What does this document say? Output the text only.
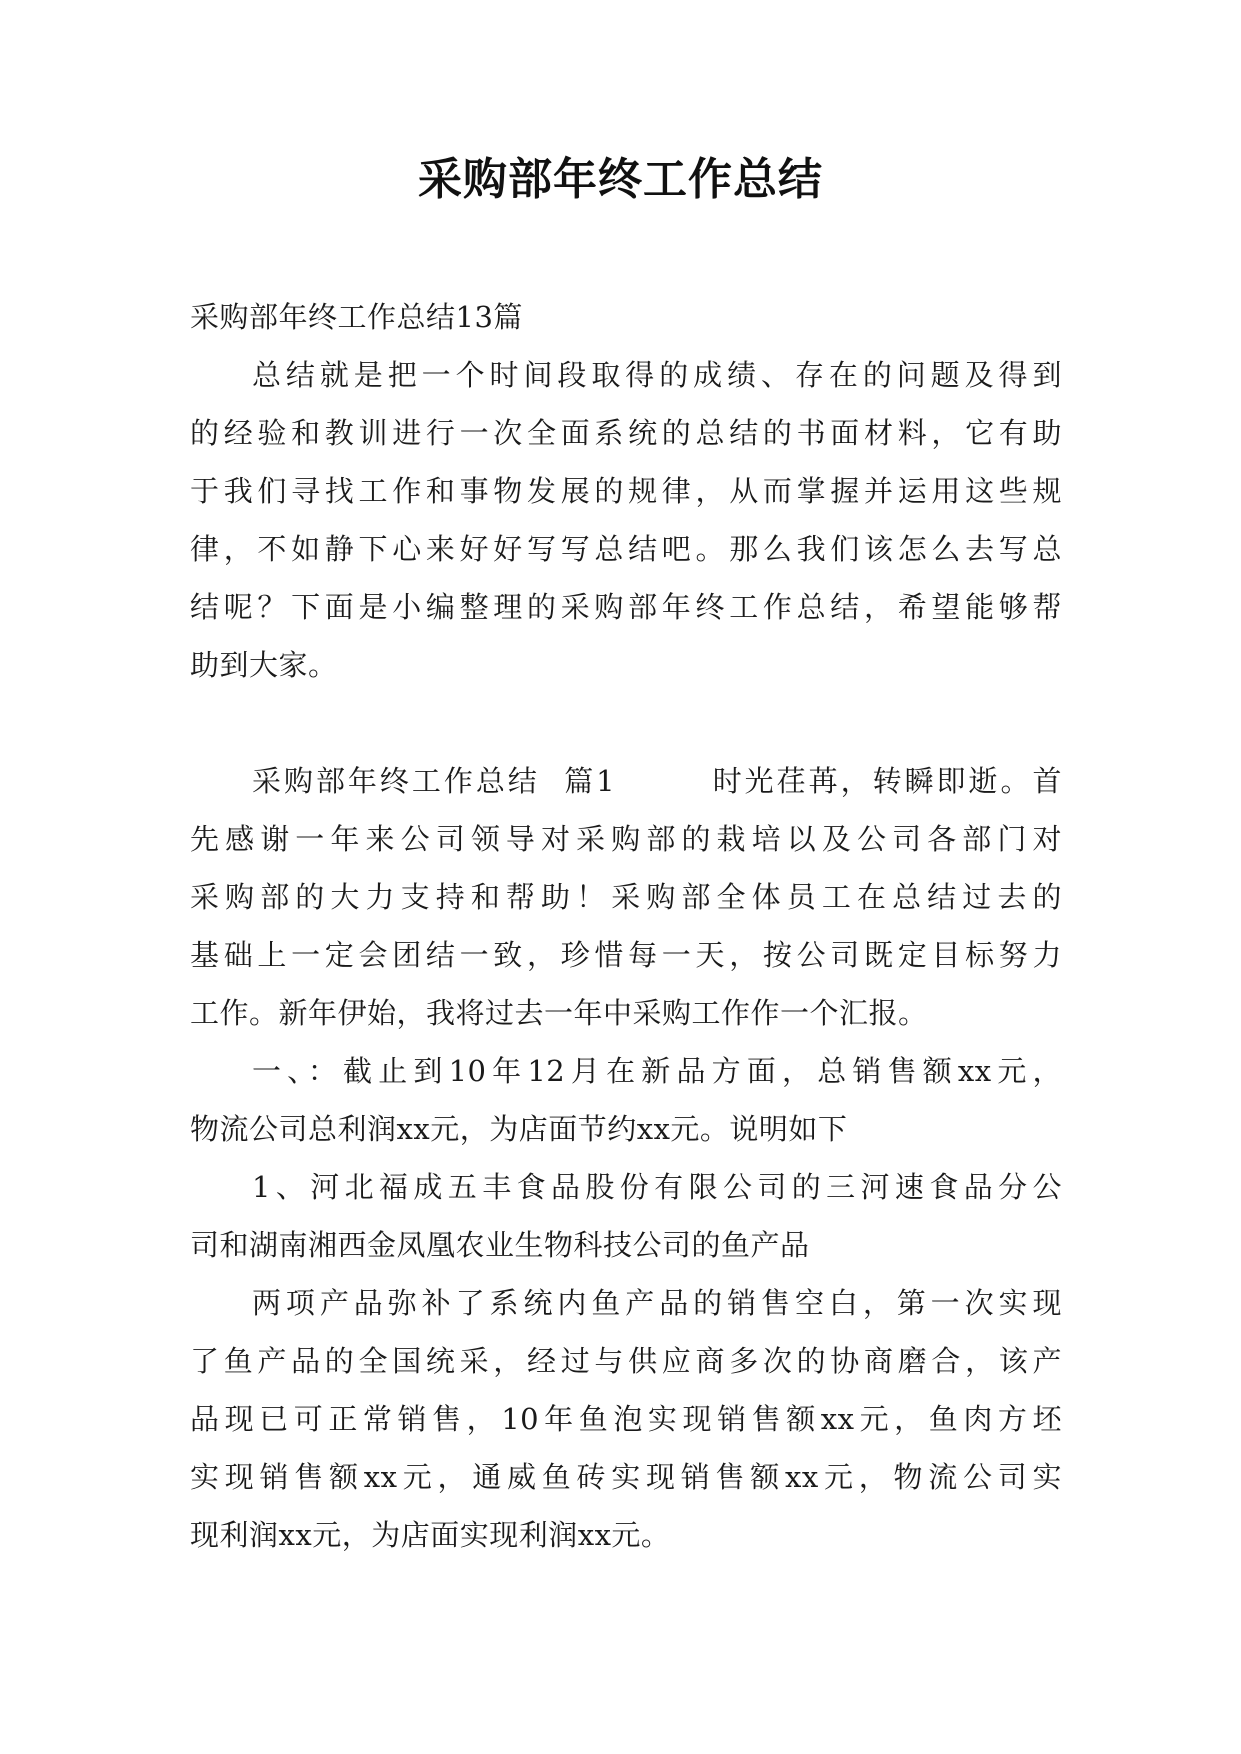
采购部年终工作总结
采购部年终工作总结13篇
总结就是把一个时间段取得的成绩、存在的问题及得到
的经验和教训进行一次全面系统的总结的书面材料，它有助
于我们寻找工作和事物发展的规律，从而掌握并运用这些规
律，不如静下心来好好写写总结吧。那么我们该怎么去写总
结呢？下面是小编整理的采购部年终工作总结，希望能够帮
助到大家。
采购部年终工作总结  篇1        时光荏苒，转瞬即逝。首
先感谢一年来公司领导对采购部的栽培以及公司各部门对
采购部的大力支持和帮助！采购部全体员工在总结过去的
基础上一定会团结一致，珍惜每一天，按公司既定目标努力
工作。新年伊始，我将过去一年中采购工作作一个汇报。
一、：截止到10年12月在新品方面，总销售额xx元，
物流公司总利润xx元，为店面节约xx元。说明如下
1、河北福成五丰食品股份有限公司的三河速食品分公
司和湖南湘西金凤凰农业生物科技公司的鱼产品
两项产品弥补了系统内鱼产品的销售空白，第一次实现
了鱼产品的全国统采，经过与供应商多次的协商磨合，该产
品现已可正常销售，10年鱼泡实现销售额xx元，鱼肉方坯
实现销售额xx元，通威鱼砖实现销售额xx元，物流公司实
现利润xx元，为店面实现利润xx元。
